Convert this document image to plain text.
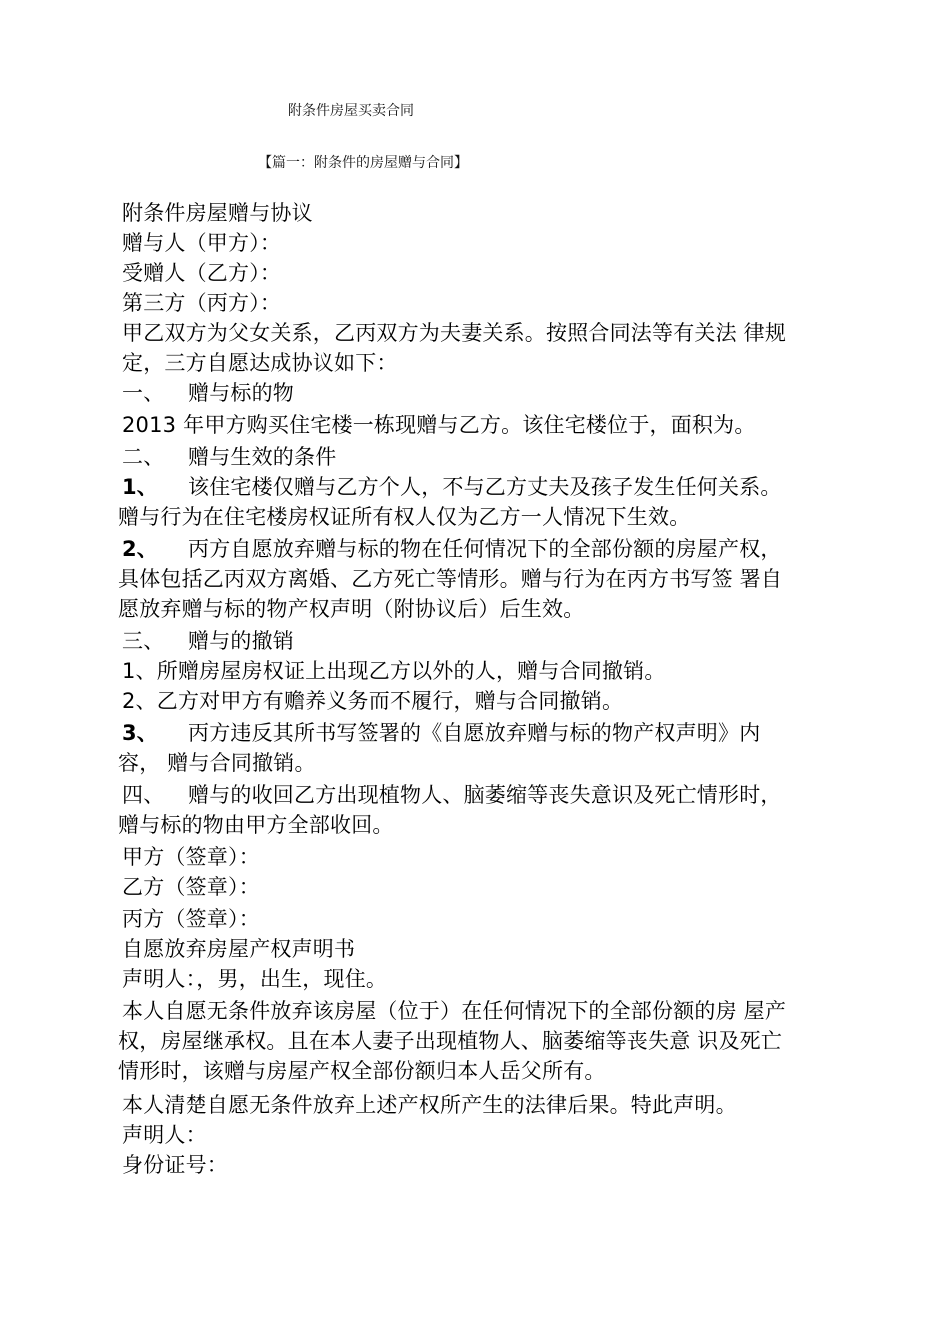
附条件房屋买卖合同
【篇一：附条件的房屋赠与合同】
附条件房屋赠与协议
赠与人（甲方）：
受赠人（乙方）：
第三方（丙方）：
甲乙双方为父女关系，乙丙双方为夫妻关系。按照合同法等有关法 律规
定，三方自愿达成协议如下：
一、 赠与标的物
2013 年甲方购买住宅楼一栋现赠与乙方。该住宅楼位于，面积为。
二、 赠与生效的条件
1、 该住宅楼仅赠与乙方个人，不与乙方丈夫及孩子发生任何关系。
赠与行为在住宅楼房权证所有权人仅为乙方一人情况下生效。
2、 丙方自愿放弃赠与标的物在任何情况下的全部份额的房屋产权，
具体包括乙丙双方离婚、乙方死亡等情形。赠与行为在丙方书写签 署自
愿放弃赠与标的物产权声明（附协议后）后生效。
三、 赠与的撤销
1、所赠房屋房权证上出现乙方以外的人，赠与合同撤销。
2、乙方对甲方有赡养义务而不履行，赠与合同撤销。
3、 丙方违反其所书写签署的《自愿放弃赠与标的物产权声明》内
容， 赠与合同撤销。
四、 赠与的收回乙方出现植物人、脑萎缩等丧失意识及死亡情形时，
赠与标的物由甲方全部收回。
甲方（签章）：
乙方（签章）：
丙方（签章）：
自愿放弃房屋产权声明书
声明人：，男，出生，现住。
本人自愿无条件放弃该房屋（位于）在任何情况下的全部份额的房 屋产
权，房屋继承权。且在本人妻子出现植物人、脑萎缩等丧失意 识及死亡
情形时，该赠与房屋产权全部份额归本人岳父所有。
本人清楚自愿无条件放弃上述产权所产生的法律后果。特此声明。
声明人：
身份证号：
